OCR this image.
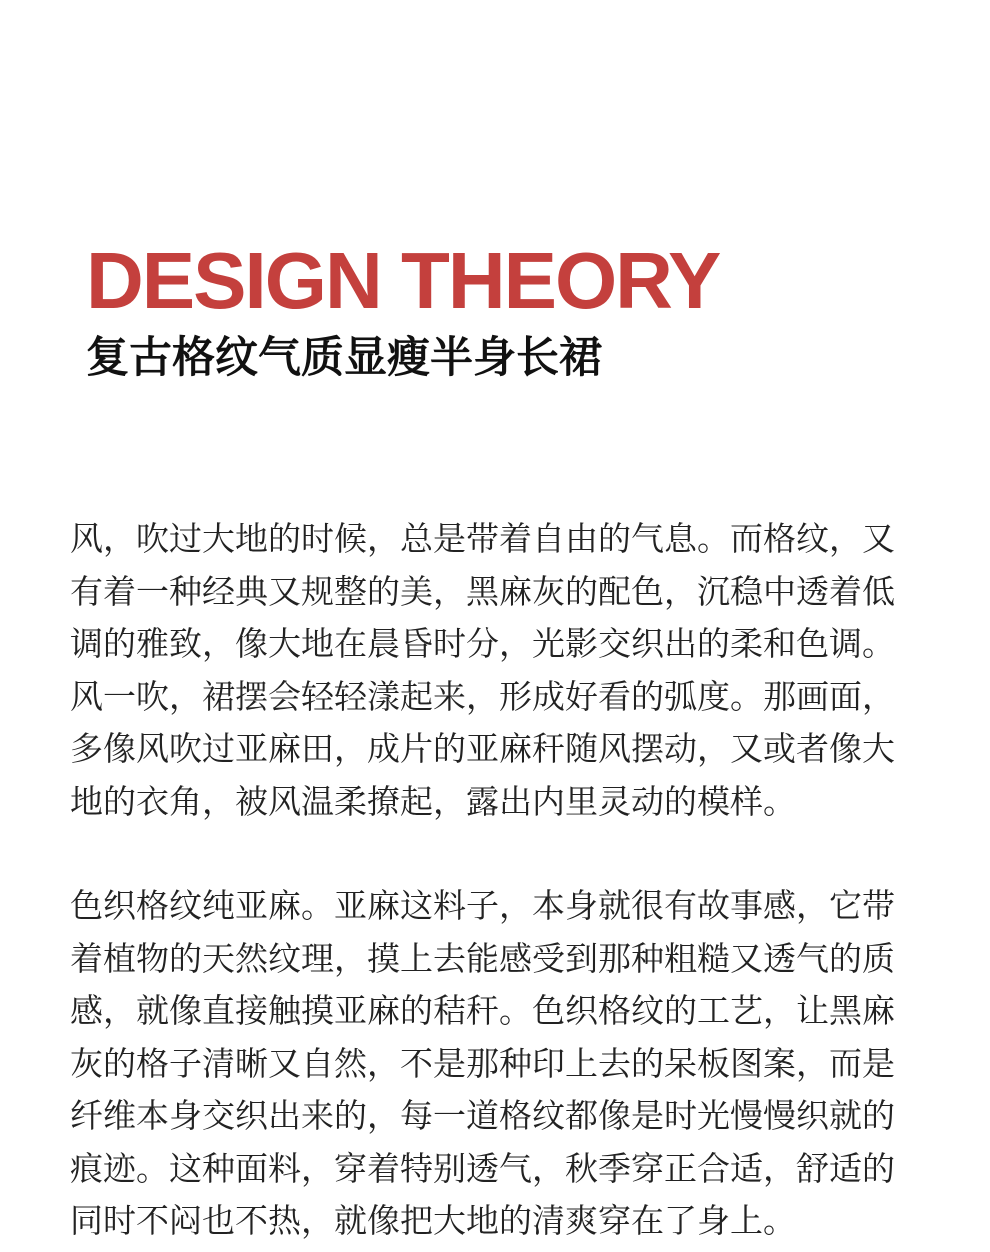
DESIGN THEORY
复古格纹气质显瘦半身长裙
风，吹过大地的时候，总是带着自由的气息。而格纹，又
有着一种经典又规整的美，黑麻灰的配色，沉稳中透着低
调的雅致，像大地在晨昏时分，光影交织出的柔和色调。
风一吹，裙摆会轻轻漾起来，形成好看的弧度。那画面，
多像风吹过亚麻田，成片的亚麻秆随风摆动，又或者像大
地的衣角，被风温柔撩起，露出内里灵动的模样。
色织格纹纯亚麻。亚麻这料子，本身就很有故事感，它带
着植物的天然纹理，摸上去能感受到那种粗糙又透气的质
感，就像直接触摸亚麻的秸秆。色织格纹的工艺，让黑麻
灰的格子清晰又自然，不是那种印上去的呆板图案，而是
纤维本身交织出来的，每一道格纹都像是时光慢慢织就的
痕迹。这种面料，穿着特别透气，秋季穿正合适，舒适的
同时不闷也不热，就像把大地的清爽穿在了身上。
